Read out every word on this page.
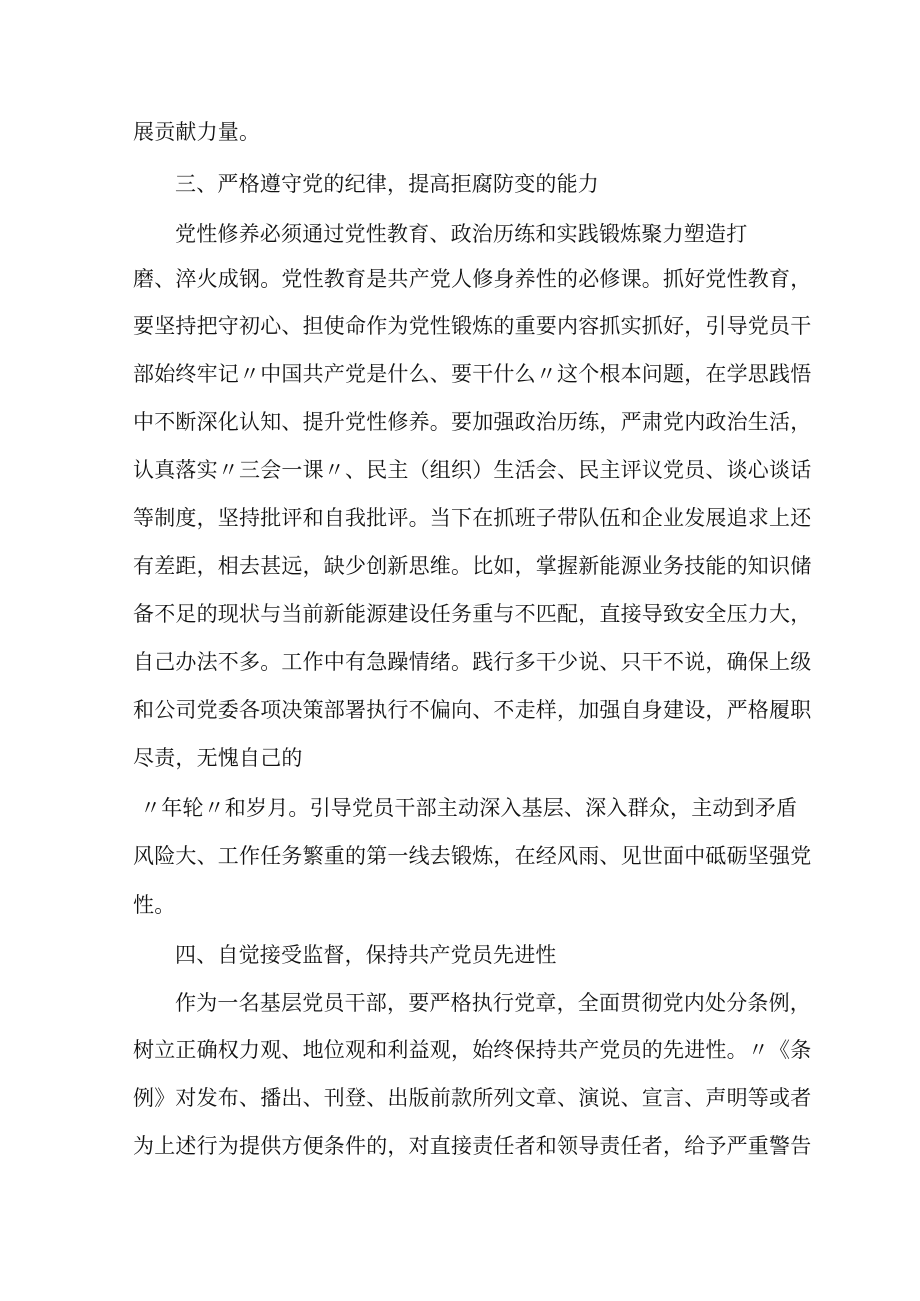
展贡献力量。

三、严格遵守党的纪律，提高拒腐防变的能力

党性修养必须通过党性教育、政治历练和实践锻炼聚力塑造打

磨、淬火成钢。党性教育是共产党人修身养性的必修课。抓好党性教育，

要坚持把守初心、担使命作为党性锻炼的重要内容抓实抓好，引导党员干

部始终牢记〃中国共产党是什么、要干什么〃这个根本问题，在学思践悟

中不断深化认知、提升党性修养。要加强政治历练，严肃党内政治生活，

认真落实〃三会一课〃、民主（组织）生活会、民主评议党员、谈心谈话

等制度，坚持批评和自我批评。当下在抓班子带队伍和企业发展追求上还

有差距，相去甚远，缺少创新思维。比如，掌握新能源业务技能的知识储

备不足的现状与当前新能源建设任务重与不匹配，直接导致安全压力大，

自己办法不多。工作中有急躁情绪。践行多干少说、只干不说，确保上级

和公司党委各项决策部署执行不偏向、不走样，加强自身建设，严格履职

尽责，无愧自己的

〃年轮〃和岁月。引导党员干部主动深入基层、深入群众，主动到矛盾

风险大、工作任务繁重的第一线去锻炼，在经风雨、见世面中砥砺坚强党

性。

四、自觉接受监督，保持共产党员先进性

作为一名基层党员干部，要严格执行党章，全面贯彻党内处分条例，

树立正确权力观、地位观和利益观，始终保持共产党员的先进性。〃《条

例》对发布、播出、刊登、出版前款所列文章、演说、宣言、声明等或者

为上述行为提供方便条件的，对直接责任者和领导责任者，给予严重警告
